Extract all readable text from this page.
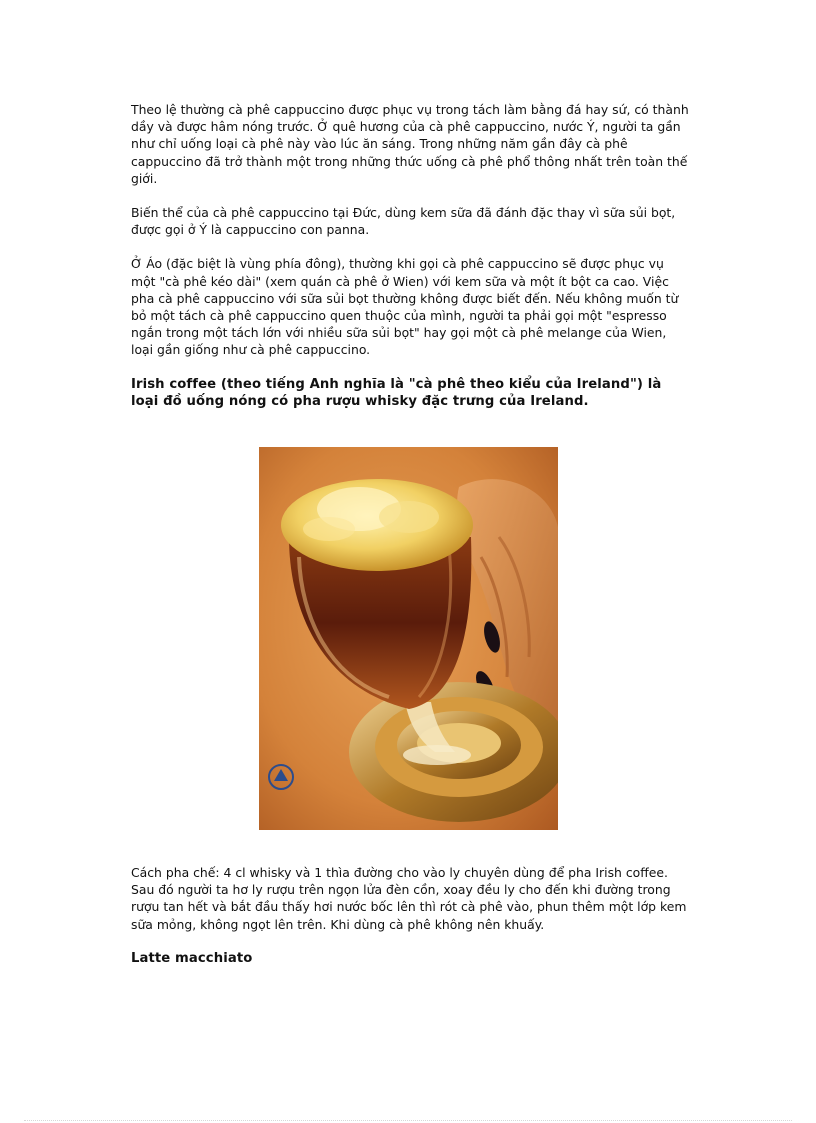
Theo lệ thường cà phê cappuccino được phục vụ trong tách làm bằng đá hay sứ, có thành dầy và được hâm nóng trước. Ở quê hương của cà phê cappuccino, nước Ý, người ta gần như chỉ uống loại cà phê này vào lúc ăn sáng. Trong những năm gần đây cà phê cappuccino đã trở thành một trong những thức uống cà phê phổ thông nhất trên toàn thế giới.

Biến thể của cà phê cappuccino tại Đức, dùng kem sữa đã đánh đặc thay vì sữa sủi bọt, được gọi ở Ý là cappuccino con panna.

Ở Áo (đặc biệt là vùng phía đông), thường khi gọi cà phê cappuccino sẽ được phục vụ một "cà phê kéo dài" (xem quán cà phê ở Wien) với kem sữa và một ít bột ca cao. Việc pha cà phê cappuccino với sữa sủi bọt thường không được biết đến. Nếu không muốn từ bỏ một tách cà phê cappuccino quen thuộc của mình, người ta phải gọi một "espresso ngắn trong một tách lớn với nhiều sữa sủi bọt" hay gọi một cà phê melange của Wien, loại gần giống như cà phê cappuccino.

Irish coffee (theo tiếng Anh nghĩa là "cà phê theo kiểu của Ireland") là loại đồ uống nóng có pha rượu whisky đặc trưng của Ireland.

Cách pha chế: 4 cl whisky và 1 thìa đường cho vào ly chuyên dùng để pha Irish coffee. Sau đó người ta hơ ly rượu trên ngọn lửa đèn cồn, xoay đều ly cho đến khi đường trong rượu tan hết và bắt đầu thấy hơi nước bốc lên thì rót cà phê vào, phun thêm một lớp kem sữa mỏng, không ngọt lên trên. Khi dùng cà phê không nên khuấy.

Latte macchiato
